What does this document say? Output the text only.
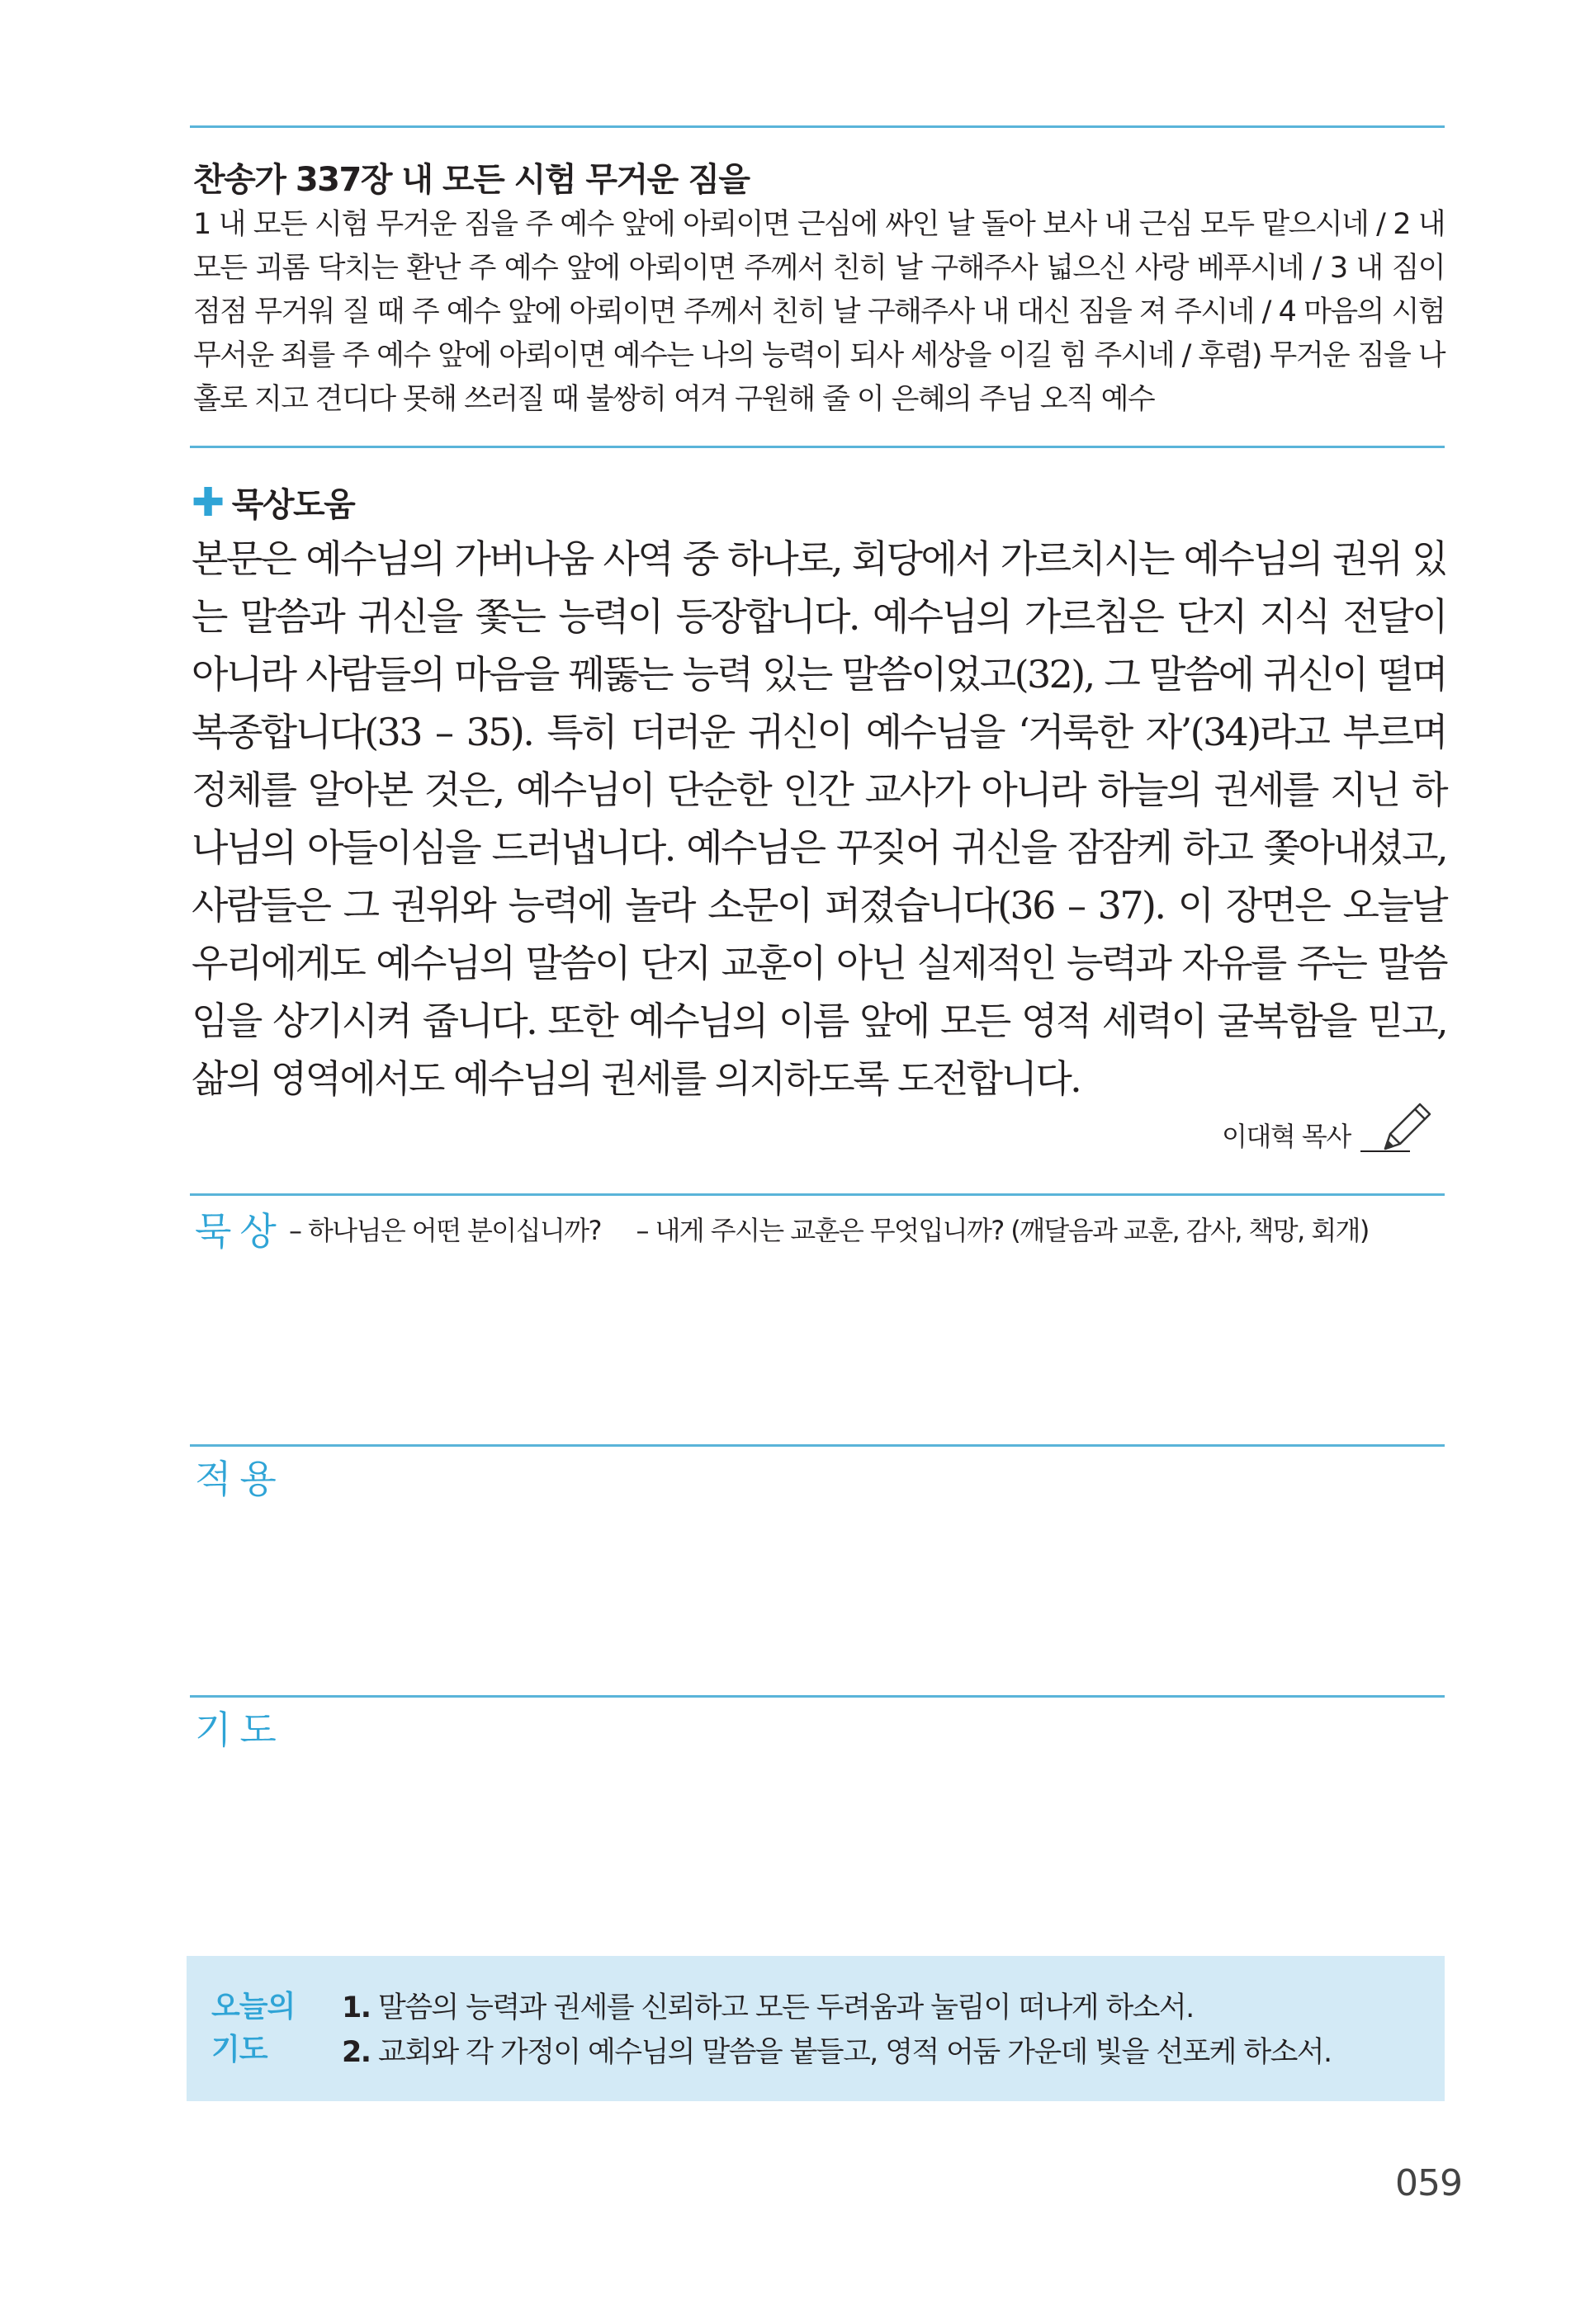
찬송가 337장 내 모든 시험 무거운 짐을

1 내 모든 시험 무거운 짐을 주 예수 앞에 아뢰이면 근심에 싸인 날 돌아 보사 내 근심 모두 맡으시네 / 2 내 모든 괴롬 닥치는 환난 주 예수 앞에 아뢰이면 주께서 친히 날 구해주사 넓으신 사랑 베푸시네 / 3 내 짐이 점점 무거워 질 때 주 예수 앞에 아뢰이면 주께서 친히 날 구해주사 내 대신 짐을 져 주시네 / 4 마음의 시험 무서운 죄를 주 예수 앞에 아뢰이면 예수는 나의 능력이 되사 세상을 이길 힘 주시네 / 후렴) 무거운 짐을 나 홀로 지고 견디다 못해 쓰러질 때 불쌍히 여겨 구원해 줄 이 은혜의 주님 오직 예수

✚ 묵상도움

본문은 예수님의 가버나움 사역 중 하나로, 회당에서 가르치시는 예수님의 권위 있는 말씀과 귀신을 쫓는 능력이 등장합니다. 예수님의 가르침은 단지 지식 전달이 아니라 사람들의 마음을 꿰뚫는 능력 있는 말씀이었고(32), 그 말씀에 귀신이 떨며 복종합니다(33 – 35). 특히 더러운 귀신이 예수님을 ‘거룩한 자’(34)라고 부르며 정체를 알아본 것은, 예수님이 단순한 인간 교사가 아니라 하늘의 권세를 지닌 하나님의 아들이심을 드러냅니다. 예수님은 꾸짖어 귀신을 잠잠케 하고 쫓아내셨고, 사람들은 그 권위와 능력에 놀라 소문이 퍼졌습니다(36 – 37). 이 장면은 오늘날 우리에게도 예수님의 말씀이 단지 교훈이 아닌 실제적인 능력과 자유를 주는 말씀임을 상기시켜 줍니다. 또한 예수님의 이름 앞에 모든 영적 세력이 굴복함을 믿고, 삶의 영역에서도 예수님의 권세를 의지하도록 도전합니다.

이대혁 목사
묵상 – 하나님은 어떤 분이십니까? – 내게 주시는 교훈은 무엇입니까? (깨달음과 교훈, 감사, 책망, 회개)
적용
기도
오늘의
기도
1. 말씀의 능력과 권세를 신뢰하고 모든 두려움과 눌림이 떠나게 하소서.
2. 교회와 각 가정이 예수님의 말씀을 붙들고, 영적 어둠 가운데 빛을 선포케 하소서.
059
